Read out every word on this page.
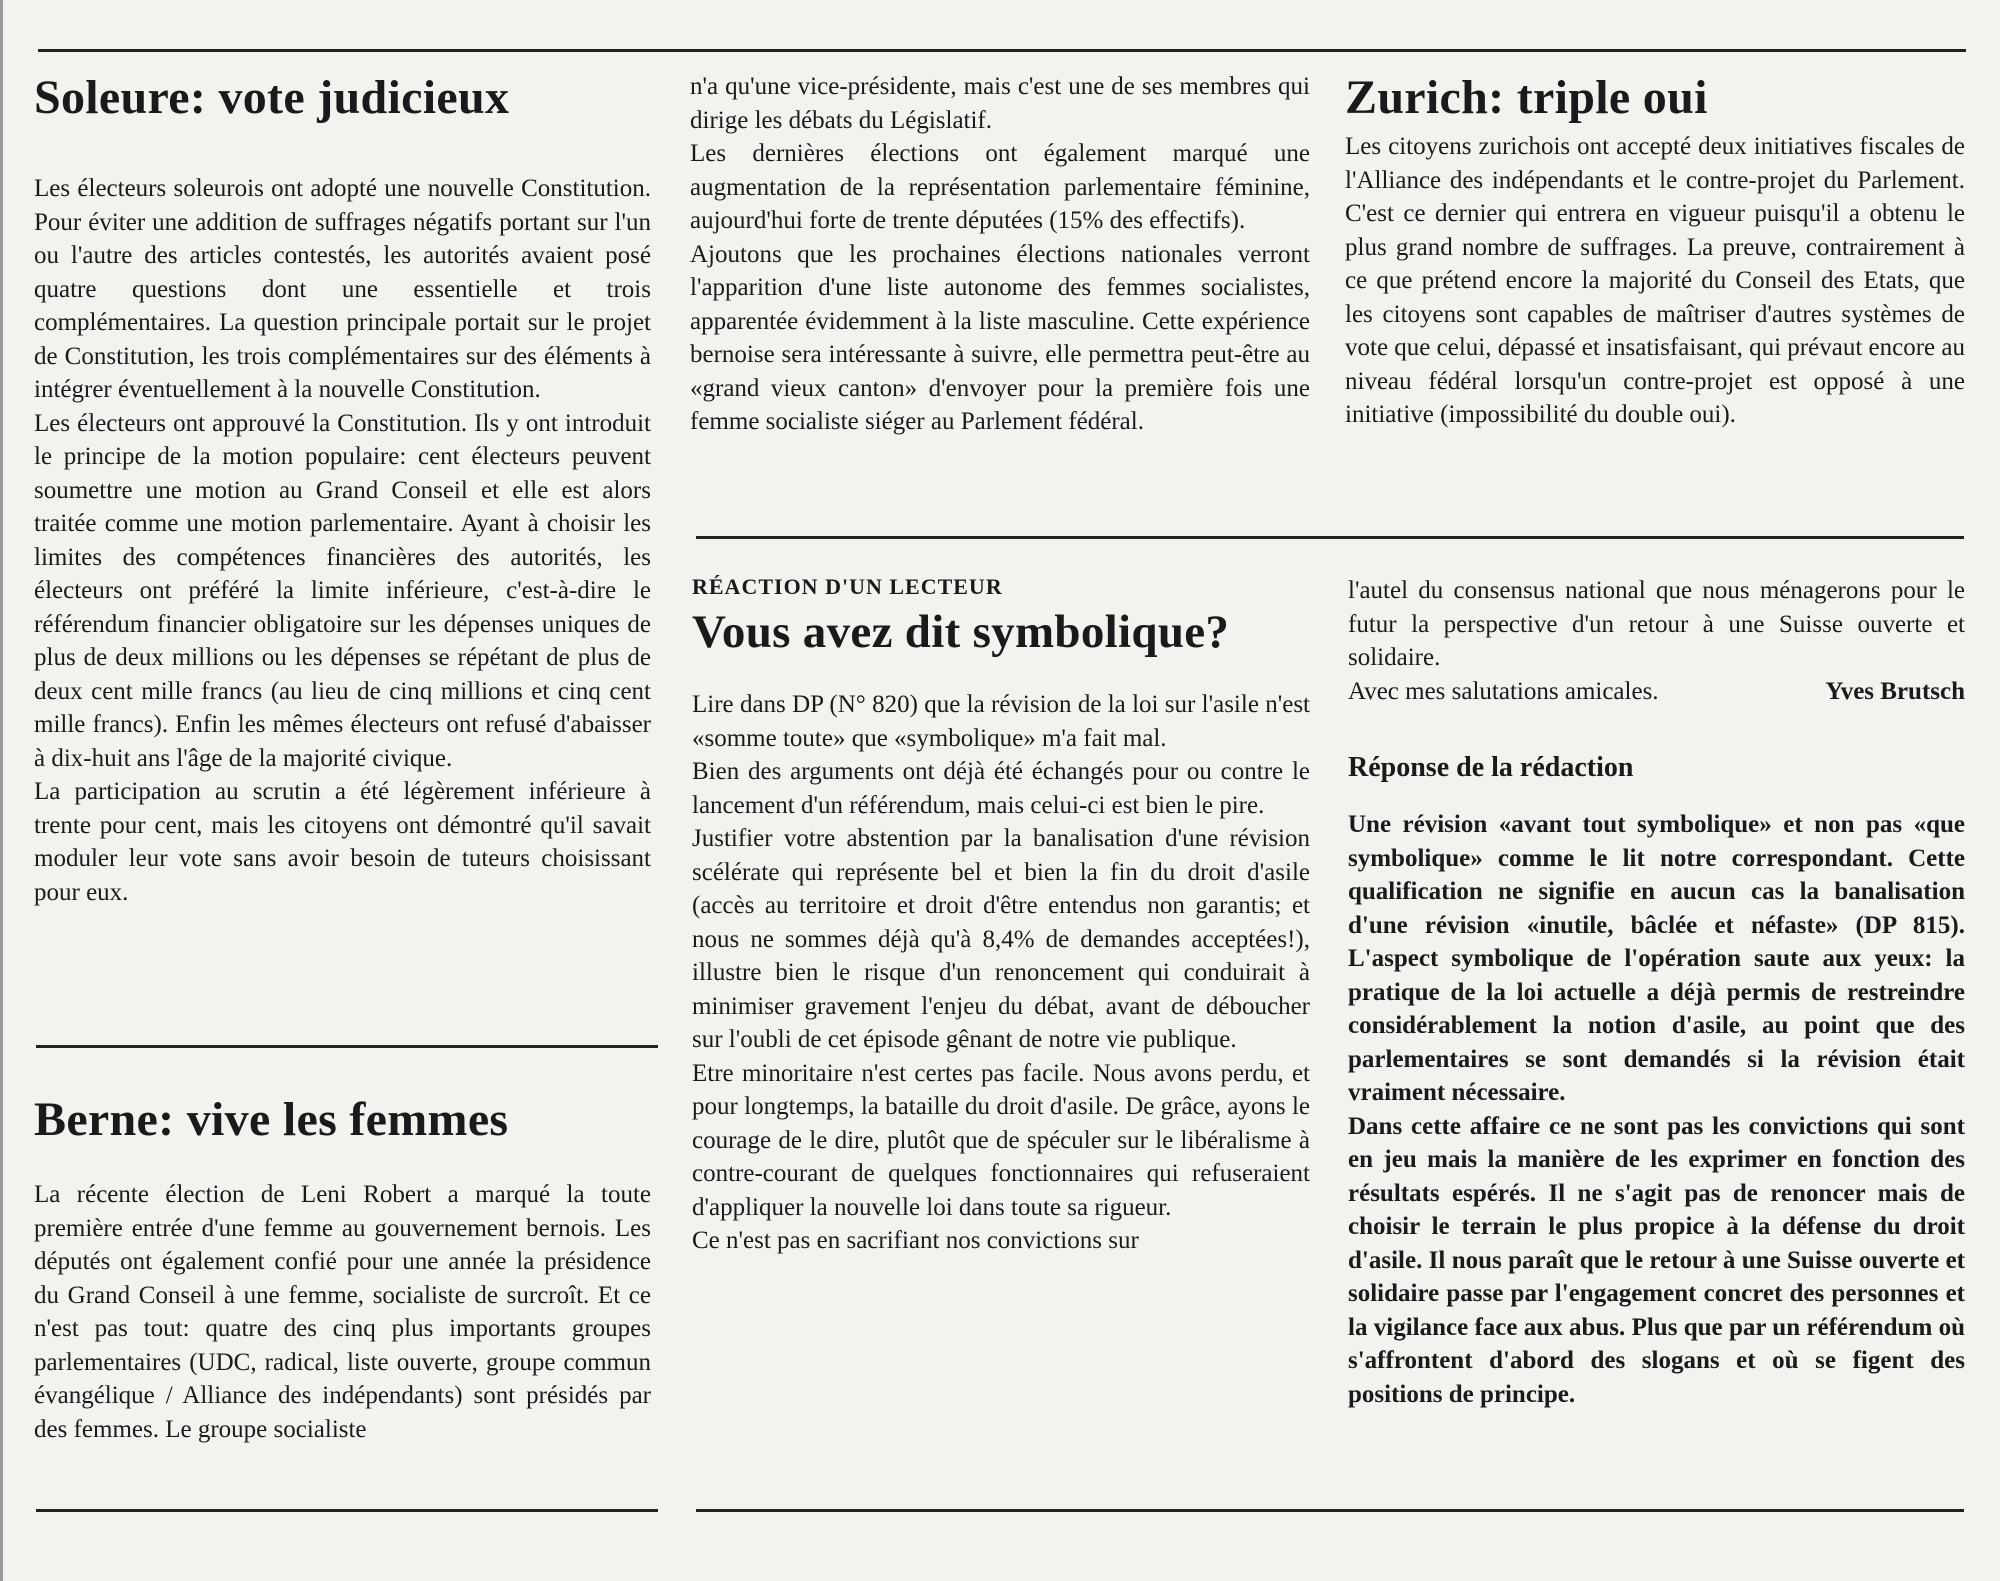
Soleure: vote judicieux

Les électeurs soleurois ont adopté une nouvelle Constitution. Pour éviter une addition de suffrages négatifs portant sur l'un ou l'autre des articles contestés, les autorités avaient posé quatre questions dont une essentielle et trois complémentaires. La question principale portait sur le projet de Constitution, les trois complémentaires sur des éléments à intégrer éventuellement à la nouvelle Constitution.

Les électeurs ont approuvé la Constitution. Ils y ont introduit le principe de la motion populaire: cent électeurs peuvent soumettre une motion au Grand Conseil et elle est alors traitée comme une motion parlementaire. Ayant à choisir les limites des compétences financières des autorités, les électeurs ont préféré la limite inférieure, c'est-à-dire le référendum financier obligatoire sur les dépenses uniques de plus de deux millions ou les dépenses se répétant de plus de deux cent mille francs (au lieu de cinq millions et cinq cent mille francs). Enfin les mêmes électeurs ont refusé d'abaisser à dix-huit ans l'âge de la majorité civique.

La participation au scrutin a été légèrement inférieure à trente pour cent, mais les citoyens ont démontré qu'il savait moduler leur vote sans avoir besoin de tuteurs choisissant pour eux.

Berne: vive les femmes

La récente élection de Leni Robert a marqué la toute première entrée d'une femme au gouvernement bernois. Les députés ont également confié pour une année la présidence du Grand Conseil à une femme, socialiste de surcroît. Et ce n'est pas tout: quatre des cinq plus importants groupes parlementaires (UDC, radical, liste ouverte, groupe commun évangélique / Alliance des indépendants) sont présidés par des femmes. Le groupe socialiste

n'a qu'une vice-présidente, mais c'est une de ses membres qui dirige les débats du Législatif.

Les dernières élections ont également marqué une augmentation de la représentation parlementaire féminine, aujourd'hui forte de trente députées (15% des effectifs).

Ajoutons que les prochaines élections nationales verront l'apparition d'une liste autonome des femmes socialistes, apparentée évidemment à la liste masculine. Cette expérience bernoise sera intéressante à suivre, elle permettra peut-être au «grand vieux canton» d'envoyer pour la première fois une femme socialiste siéger au Parlement fédéral.

RÉACTION D'UN LECTEUR

Vous avez dit symbolique?

Lire dans DP (N° 820) que la révision de la loi sur l'asile n'est «somme toute» que «symbolique» m'a fait mal.

Bien des arguments ont déjà été échangés pour ou contre le lancement d'un référendum, mais celui-ci est bien le pire.

Justifier votre abstention par la banalisation d'une révision scélérate qui représente bel et bien la fin du droit d'asile (accès au territoire et droit d'être entendus non garantis; et nous ne sommes déjà qu'à 8,4% de demandes acceptées!), illustre bien le risque d'un renoncement qui conduirait à minimiser gravement l'enjeu du débat, avant de déboucher sur l'oubli de cet épisode gênant de notre vie publique.

Etre minoritaire n'est certes pas facile. Nous avons perdu, et pour longtemps, la bataille du droit d'asile. De grâce, ayons le courage de le dire, plutôt que de spéculer sur le libéralisme à contre-courant de quelques fonctionnaires qui refuseraient d'appliquer la nouvelle loi dans toute sa rigueur.

Ce n'est pas en sacrifiant nos convictions sur

Zurich: triple oui

Les citoyens zurichois ont accepté deux initiatives fiscales de l'Alliance des indépendants et le contre-projet du Parlement. C'est ce dernier qui entrera en vigueur puisqu'il a obtenu le plus grand nombre de suffrages. La preuve, contrairement à ce que prétend encore la majorité du Conseil des Etats, que les citoyens sont capables de maîtriser d'autres systèmes de vote que celui, dépassé et insatisfaisant, qui prévaut encore au niveau fédéral lorsqu'un contre-projet est opposé à une initiative (impossibilité du double oui).

l'autel du consensus national que nous ménagerons pour le futur la perspective d'un retour à une Suisse ouverte et solidaire.

Avec mes salutations amicales.	Yves Brutsch
Réponse de la rédaction

Une révision «avant tout symbolique» et non pas «que symbolique» comme le lit notre correspondant. Cette qualification ne signifie en aucun cas la banalisation d'une révision «inutile, bâclée et néfaste» (DP 815). L'aspect symbolique de l'opération saute aux yeux: la pratique de la loi actuelle a déjà permis de restreindre considérablement la notion d'asile, au point que des parlementaires se sont demandés si la révision était vraiment nécessaire.

Dans cette affaire ce ne sont pas les convictions qui sont en jeu mais la manière de les exprimer en fonction des résultats espérés. Il ne s'agit pas de renoncer mais de choisir le terrain le plus propice à la défense du droit d'asile. Il nous paraît que le retour à une Suisse ouverte et solidaire passe par l'engagement concret des personnes et la vigilance face aux abus. Plus que par un référendum où s'affrontent d'abord des slogans et où se figent des positions de principe.
